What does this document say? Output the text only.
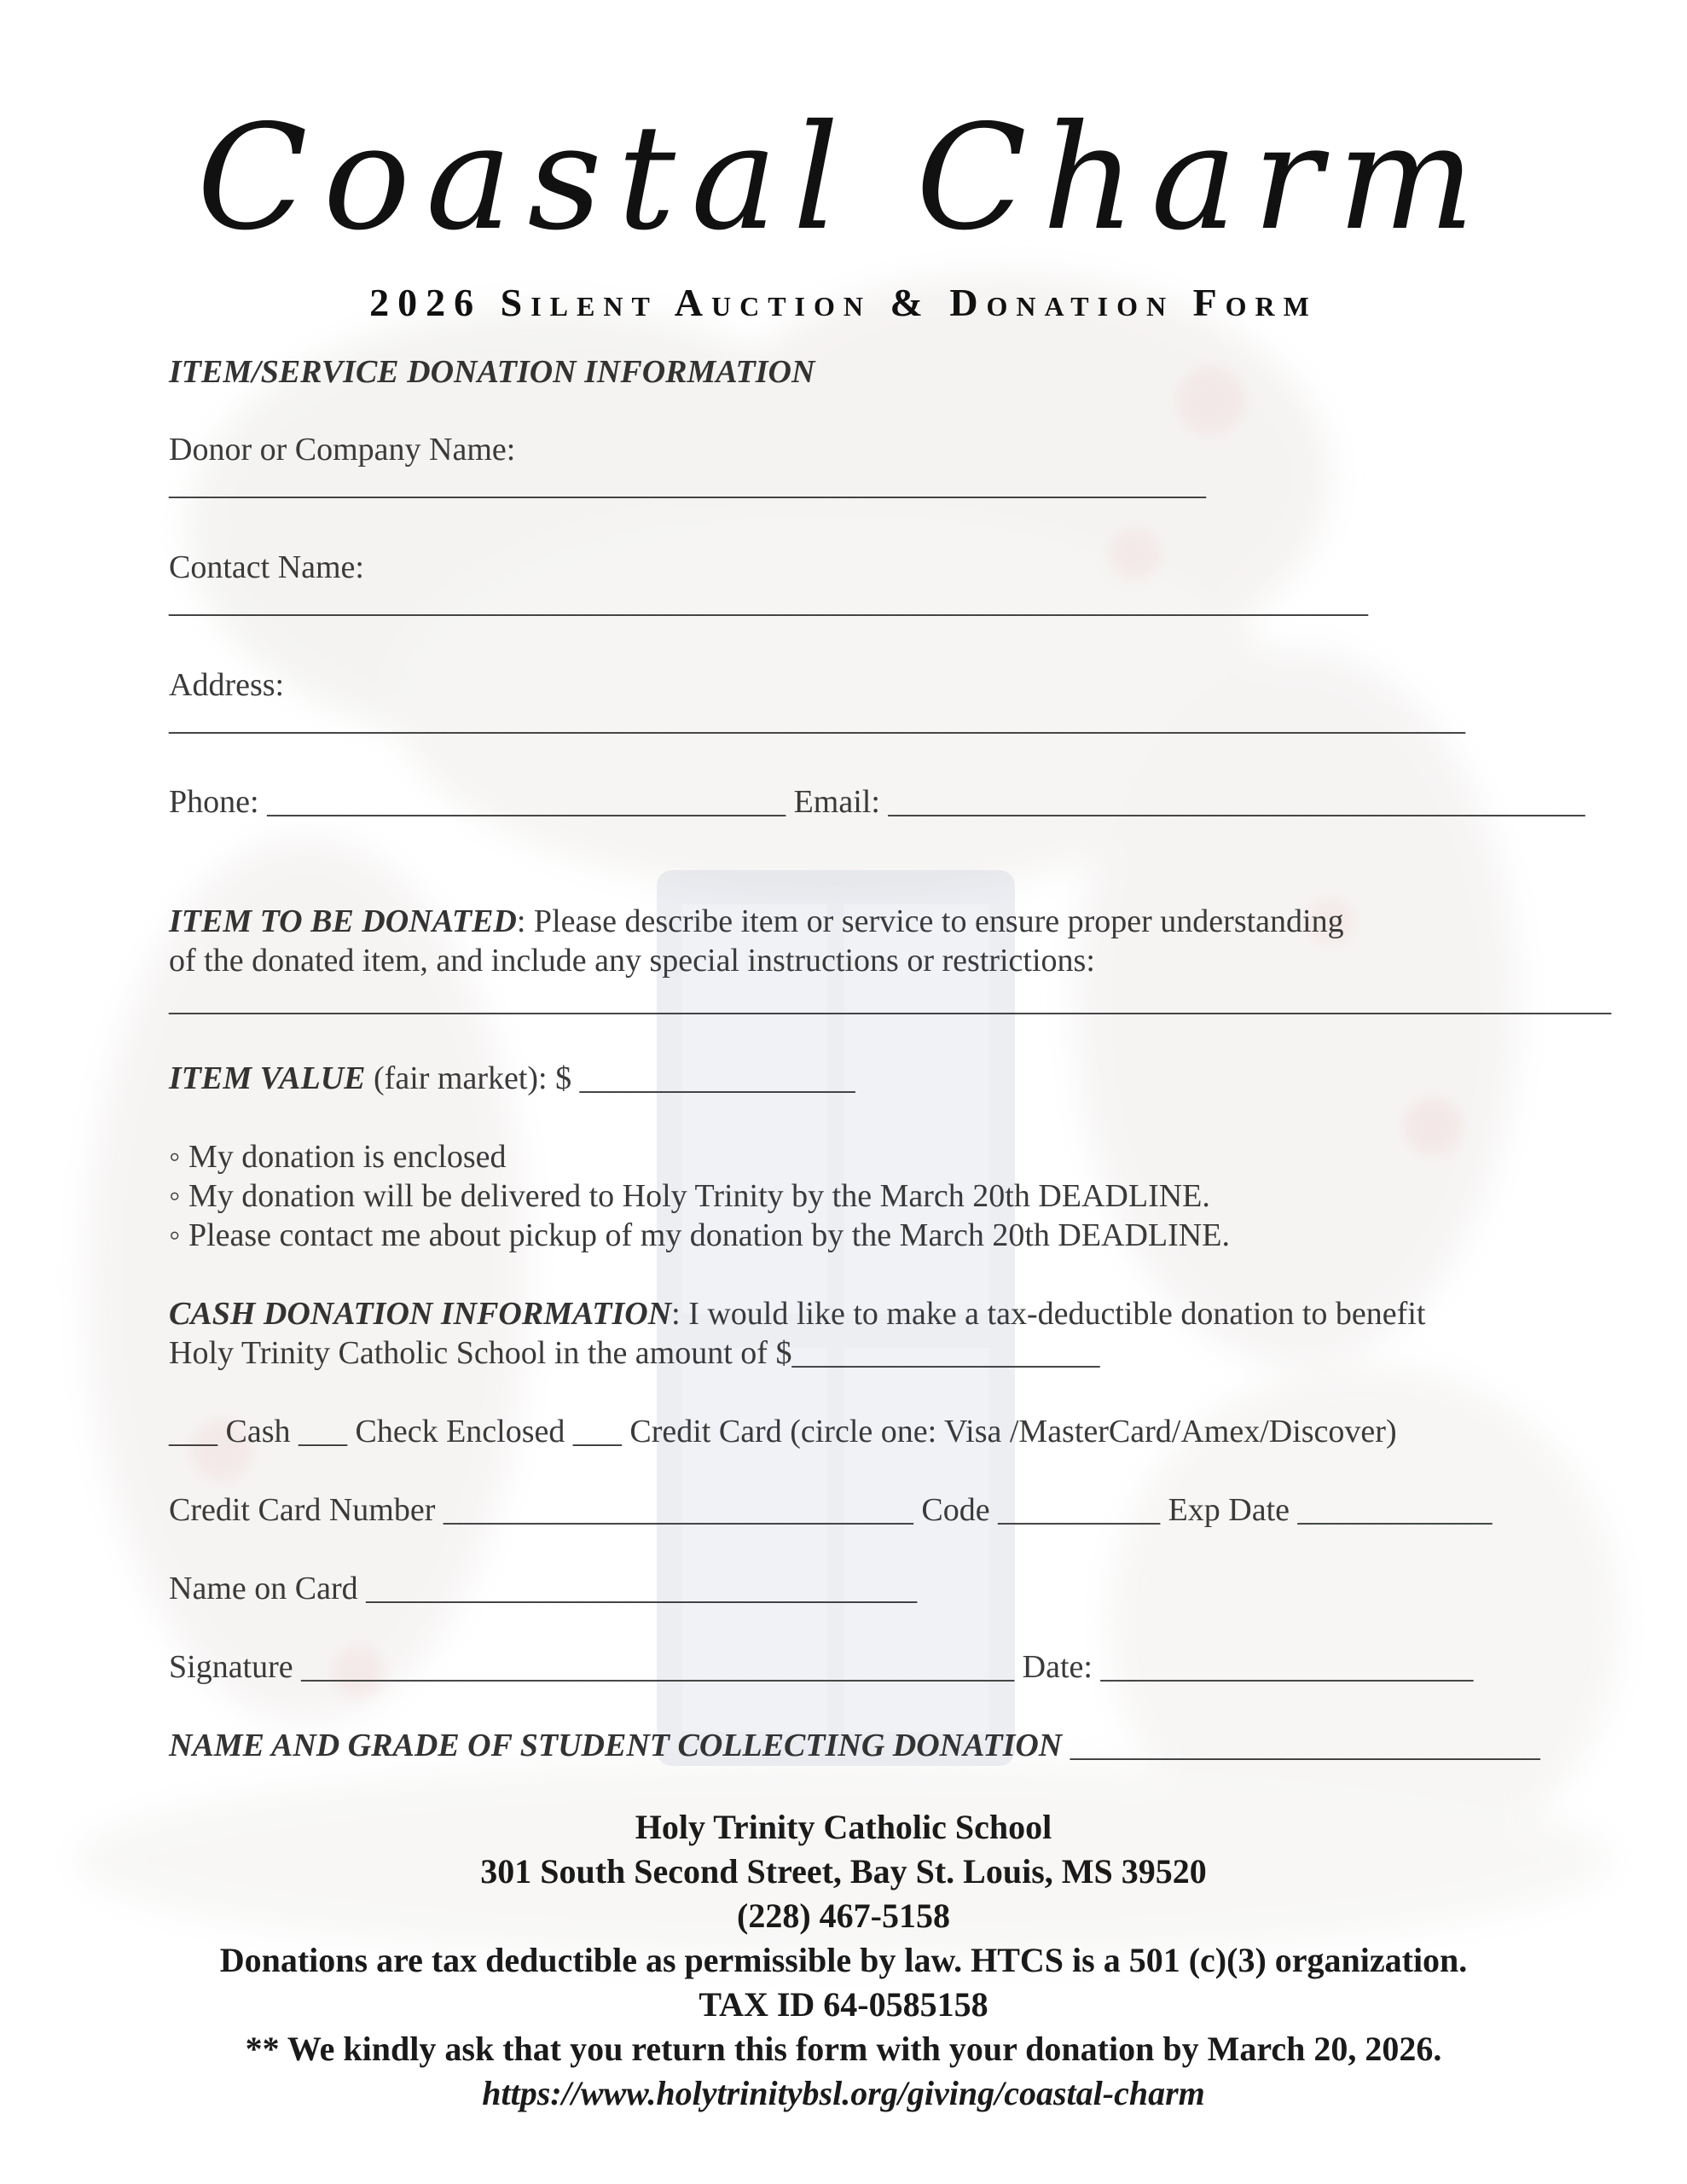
Coastal Charm
2026 Silent Auction & Donation Form
ITEM/SERVICE DONATION INFORMATION
Donor or Company Name:
________________________________________________________________
Contact Name:
__________________________________________________________________________
Address:
________________________________________________________________________________
Phone: ________________________________ Email: ___________________________________________
ITEM TO BE DONATED: Please describe item or service to ensure proper understanding
of the donated item, and include any special instructions or restrictions:
_________________________________________________________________________________________
ITEM VALUE (fair market): $ _________________
◦ My donation is enclosed
◦ My donation will be delivered to Holy Trinity by the March 20th DEADLINE.
◦ Please contact me about pickup of my donation by the March 20th DEADLINE.
CASH DONATION INFORMATION: I would like to make a tax-deductible donation to benefit
Holy Trinity Catholic School in the amount of $___________________
___ Cash ___ Check Enclosed ___ Credit Card (circle one: Visa /MasterCard/Amex/Discover)
Credit Card Number _____________________________ Code __________ Exp Date ____________
Name on Card __________________________________
Signature ____________________________________________ Date: _______________________
NAME AND GRADE OF STUDENT COLLECTING DONATION _____________________________
Holy Trinity Catholic School
301 South Second Street, Bay St. Louis, MS 39520
(228) 467-5158
Donations are tax deductible as permissible by law. HTCS is a 501 (c)(3) organization.
TAX ID 64-0585158
** We kindly ask that you return this form with your donation by March 20, 2026.
https://www.holytrinitybsl.org/giving/coastal-charm
